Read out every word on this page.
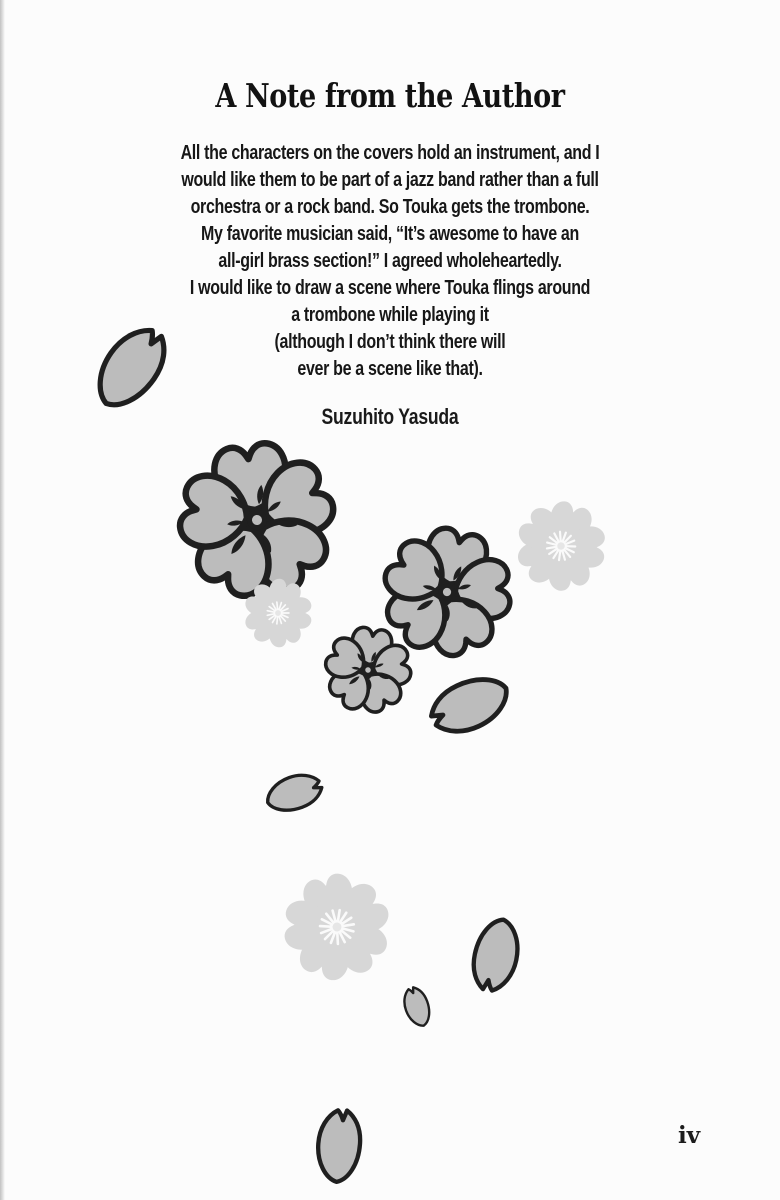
A Note from the Author

All the characters on the covers hold an instrument, and I

would like them to be part of a jazz band rather than a full

orchestra or a rock band. So Touka gets the trombone.

My favorite musician said, “It’s awesome to have an

all-girl brass section!” I agreed wholeheartedly.

I would like to draw a scene where Touka flings around

a trombone while playing it

(although I don’t think there will

ever be a scene like that).

Suzuhito Yasuda
iv
